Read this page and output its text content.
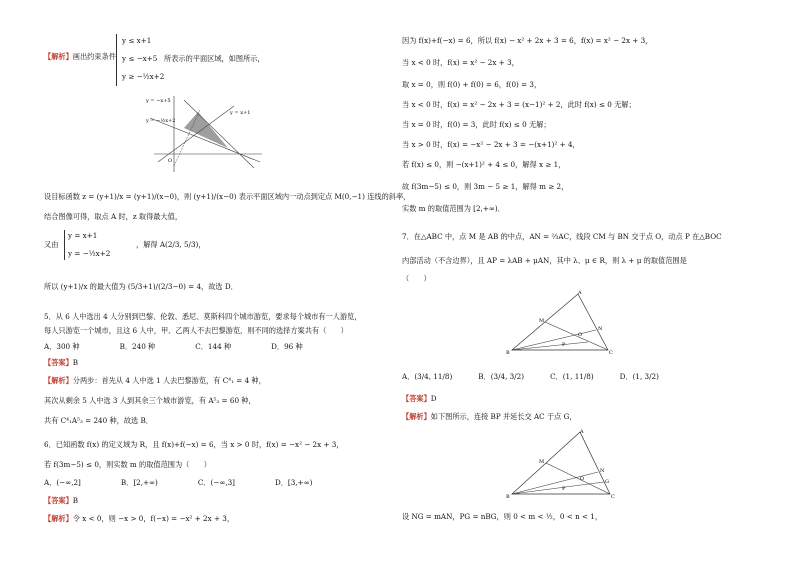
【解析】画出约束条件
y ≤ x+1
y ≤ −x+5
y ≥ −½x+2
所表示的平面区域，如图所示，
y = −x+5
y = −½x+2
y = x+1
O
设目标函数 z = (y+1)/x = (y+1)/(x−0)，则 (y+1)/(x−0) 表示平面区域内一动点到定点 M(0,−1) 连线的斜率，
结合图像可得，取点 A 时，z 取得最大值，
又由
y = x+1
y = −½x+2
，解得 A(2/3, 5/3)，
所以 (y+1)/x 的最大值为 (5/3+1)/(2/3−0) = 4，故选 D．
5．从 6 人中选出 4 人分别到巴黎、伦敦、悉尼、莫斯科四个城市游览，要求每个城市有一人游览，
每人只游览一个城市，且这 6 人中，甲、乙两人不去巴黎游览，则不同的选择方案共有（　　）
A．300 种	B．240 种	C．144 种	D．96 种
【答案】B
【解析】分两步：首先从 4 人中选 1 人去巴黎游览，有 C⁴₁ = 4 种，
其次从剩余 5 人中选 3 人到其余三个城市游览，有 A⁵₃ = 60 种，
共有 C⁴₁A⁵₃ = 240 种，故选 B．
6．已知函数 f(x) 的定义域为 R，且 f(x)+f(−x) = 6，当 x > 0 时，f(x) = −x² − 2x + 3，
若 f(3m−5) ≤ 0，则实数 m 的取值范围为（　　）
A．(−∞,2]	B．[2,+∞)	C．(−∞,3]	D．[3,+∞)
【答案】B
【解析】令 x < 0，则 −x > 0，f(−x) = −x² + 2x + 3，
因为 f(x)+f(−x) = 6，所以 f(x) − x² + 2x + 3 = 6，f(x) = x² − 2x + 3，
当 x < 0 时，f(x) = x² − 2x + 3，
取 x = 0，则 f(0) + f(0) = 6，f(0) = 3，
当 x < 0 时，f(x) = x² − 2x + 3 = (x−1)² + 2，此时 f(x) ≤ 0 无解；
当 x = 0 时，f(0) = 3，此时 f(x) ≤ 0 无解；
当 x > 0 时，f(x) = −x² − 2x + 3 = −(x+1)² + 4，
若 f(x) ≤ 0，则 −(x+1)² + 4 ≤ 0，解得 x ≥ 1，
故 f(3m−5) ≤ 0，则 3m − 5 ≥ 1，解得 m ≥ 2，
实数 m 的取值范围为 [2,+∞)．
7．在△ABC 中，点 M 是 AB 的中点，AN = ⅔AC，线段 CM 与 BN 交于点 O，动点 P 在△BOC
内部活动（不含边界），且 AP = λAB + μAN，其中 λ、μ ∈ R，则 λ + μ 的取值范围是
（　　）
A
M
N
O
P
B	C
A．(3/4, 11/8)	B．(3/4, 3/2)	C．(1, 11/8)	D．(1, 3/2)
【答案】D
【解析】如下图所示，连接 BP 并延长交 AC 于点 G，
A
M
N
O
P
G
B	C
设 NG = mAN，PG = nBG，则 0 < m < ½，0 < n < 1，
